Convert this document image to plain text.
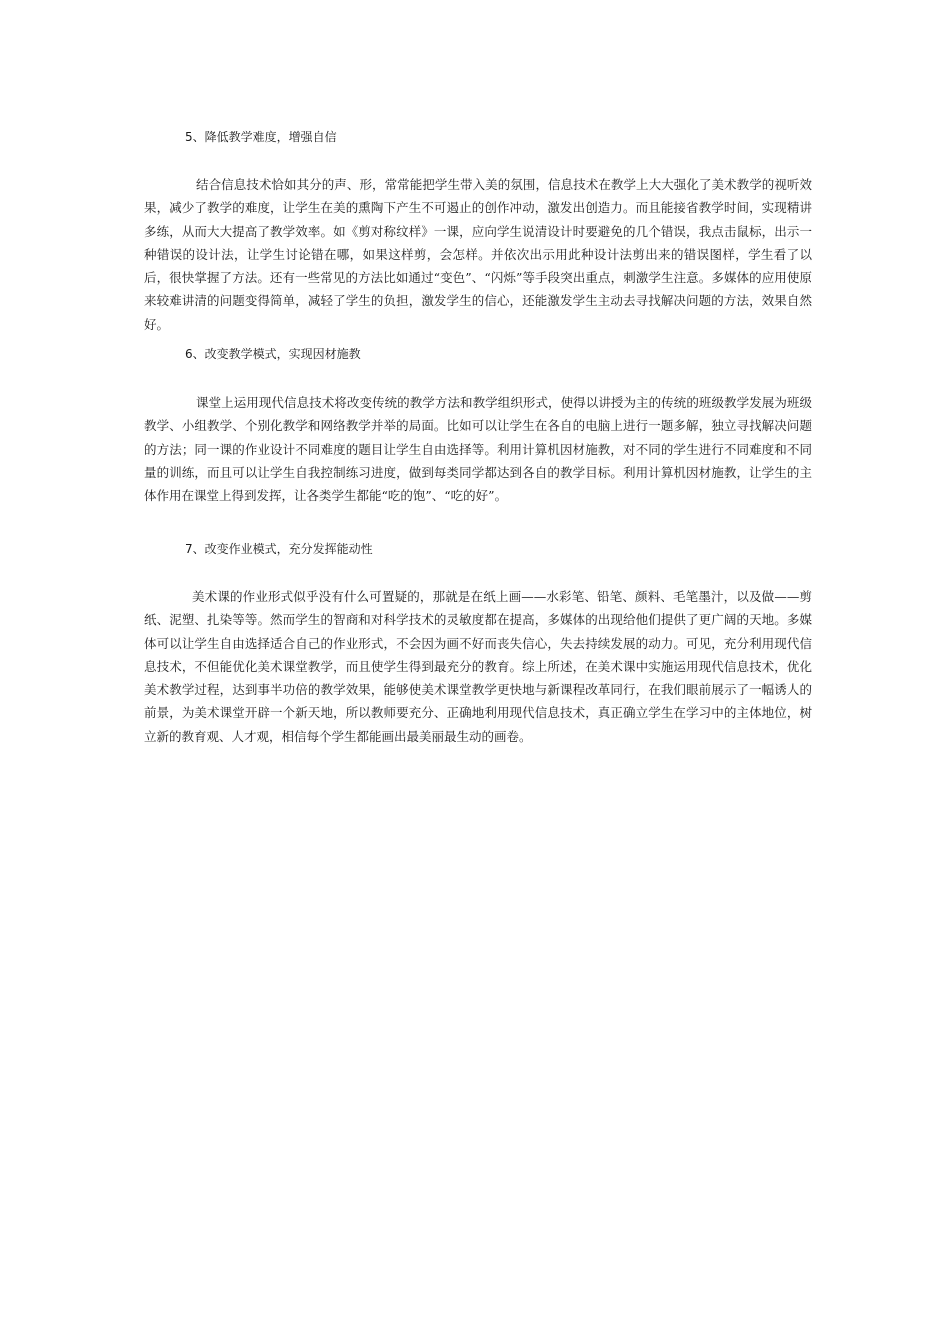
5、降低教学难度，增强自信

结合信息技术恰如其分的声、形，常常能把学生带入美的氛围，信息技术在教学上大大强化了美术教学的视听效果，减少了教学的难度，让学生在美的熏陶下产生不可遏止的创作冲动，激发出创造力。而且能接省教学时间，实现精讲多练，从而大大提高了教学效率。如《剪对称纹样》一课，应向学生说清设计时要避免的几个错误，我点击鼠标，出示一种错误的设计法，让学生讨论错在哪，如果这样剪，会怎样。并依次出示用此种设计法剪出来的错误图样，学生看了以后，很快掌握了方法。还有一些常见的方法比如通过“变色”、“闪烁”等手段突出重点，刺激学生注意。多媒体的应用使原来较难讲清的问题变得简单，减轻了学生的负担，激发学生的信心，还能激发学生主动去寻找解决问题的方法，效果自然好。

6、改变教学模式，实现因材施教

课堂上运用现代信息技术将改变传统的教学方法和教学组织形式，使得以讲授为主的传统的班级教学发展为班级教学、小组教学、个别化教学和网络教学并举的局面。比如可以让学生在各自的电脑上进行一题多解，独立寻找解决问题的方法；同一课的作业设计不同难度的题目让学生自由选择等。利用计算机因材施教，对不同的学生进行不同难度和不同量的训练，而且可以让学生自我控制练习进度，做到每类同学都达到各自的教学目标。利用计算机因材施教，让学生的主体作用在课堂上得到发挥，让各类学生都能“吃的饱”、“吃的好”。

7、改变作业模式，充分发挥能动性

美术课的作业形式似乎没有什么可置疑的，那就是在纸上画——水彩笔、铅笔、颜料、毛笔墨汁，以及做——剪纸、泥塑、扎染等等。然而学生的智商和对科学技术的灵敏度都在提高，多媒体的出现给他们提供了更广阔的天地。多媒体可以让学生自由选择适合自己的作业形式，不会因为画不好而丧失信心，失去持续发展的动力。可见，充分利用现代信息技术，不但能优化美术课堂教学，而且使学生得到最充分的教育。综上所述，在美术课中实施运用现代信息技术，优化美术教学过程，达到事半功倍的教学效果，能够使美术课堂教学更快地与新课程改革同行，在我们眼前展示了一幅诱人的前景，为美术课堂开辟一个新天地，所以教师要充分、正确地利用现代信息技术，真正确立学生在学习中的主体地位，树立新的教育观、人才观，相信每个学生都能画出最美丽最生动的画卷。
